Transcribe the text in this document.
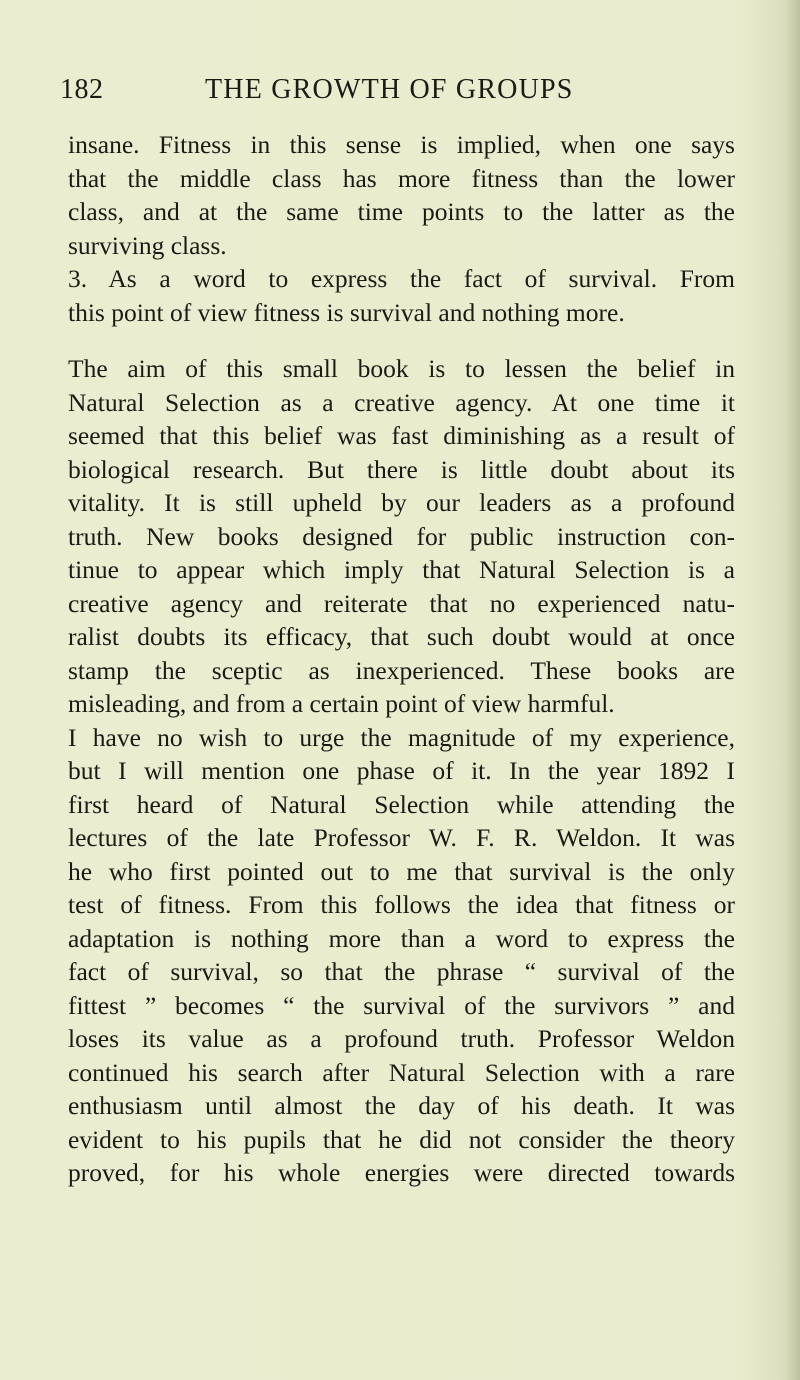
182	THE GROWTH OF GROUPS
insane. Fitness in this sense is implied, when one says
that the middle class has more fitness than the lower
class, and at the same time points to the latter as the
surviving class.
3. As a word to express the fact of survival. From
this point of view fitness is survival and nothing more.
The aim of this small book is to lessen the belief in
Natural Selection as a creative agency. At one time it
seemed that this belief was fast diminishing as a result of
biological research. But there is little doubt about its
vitality. It is still upheld by our leaders as a profound
truth. New books designed for public instruction con-
tinue to appear which imply that Natural Selection is a
creative agency and reiterate that no experienced natu-
ralist doubts its efficacy, that such doubt would at once
stamp the sceptic as inexperienced. These books are
misleading, and from a certain point of view harmful.
I have no wish to urge the magnitude of my experience,
but I will mention one phase of it. In the year 1892 I
first heard of Natural Selection while attending the
lectures of the late Professor W. F. R. Weldon. It was
he who first pointed out to me that survival is the only
test of fitness. From this follows the idea that fitness or
adaptation is nothing more than a word to express the
fact of survival, so that the phrase “ survival of the
fittest ” becomes “ the survival of the survivors ” and
loses its value as a profound truth. Professor Weldon
continued his search after Natural Selection with a rare
enthusiasm until almost the day of his death. It was
evident to his pupils that he did not consider the theory
proved, for his whole energies were directed towards
